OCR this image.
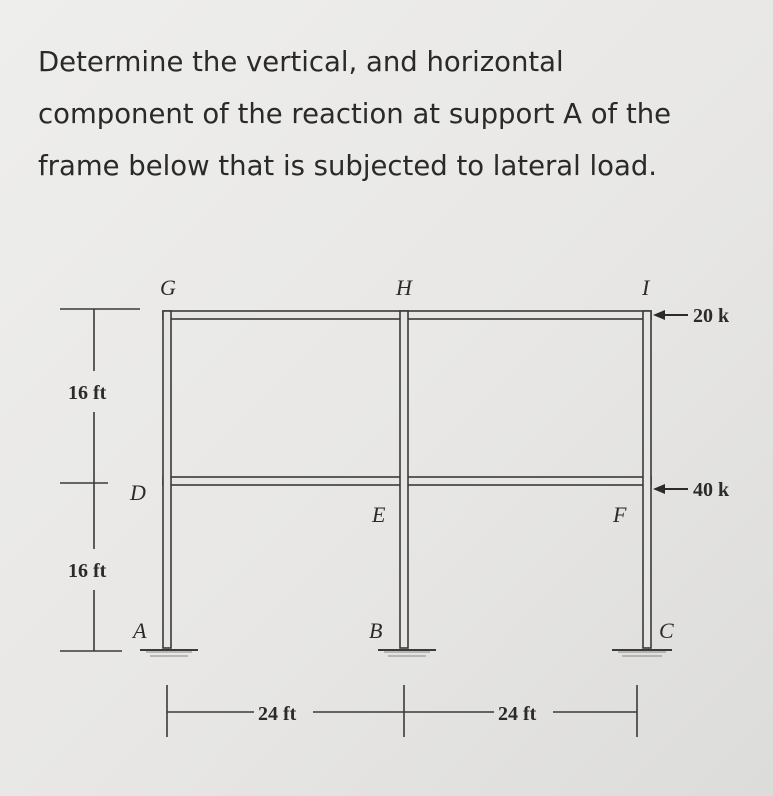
Determine the vertical, and horizontal
component of the reaction at support A of the
frame below that is subjected to lateral load.
G	H	I
D
E	F
A	B	C
20 k
40 k
16 ft
16 ft
24 ft	24 ft
